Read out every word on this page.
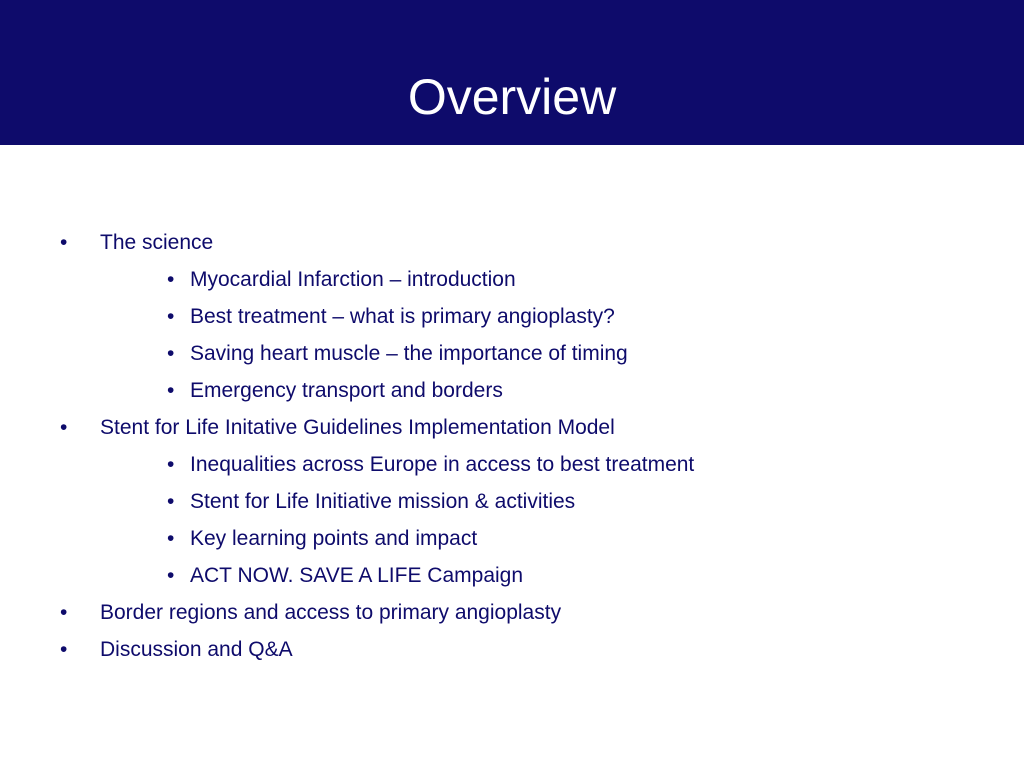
Overview
• The science
• Myocardial Infarction – introduction
• Best treatment – what is primary angioplasty?
• Saving heart muscle – the importance of timing
• Emergency transport and borders
• Stent for Life Initative Guidelines Implementation Model
• Inequalities across Europe in access to best treatment
• Stent for Life Initiative mission & activities
• Key learning points and impact
• ACT NOW. SAVE A LIFE Campaign
• Border regions and access to primary angioplasty
• Discussion and Q&A
